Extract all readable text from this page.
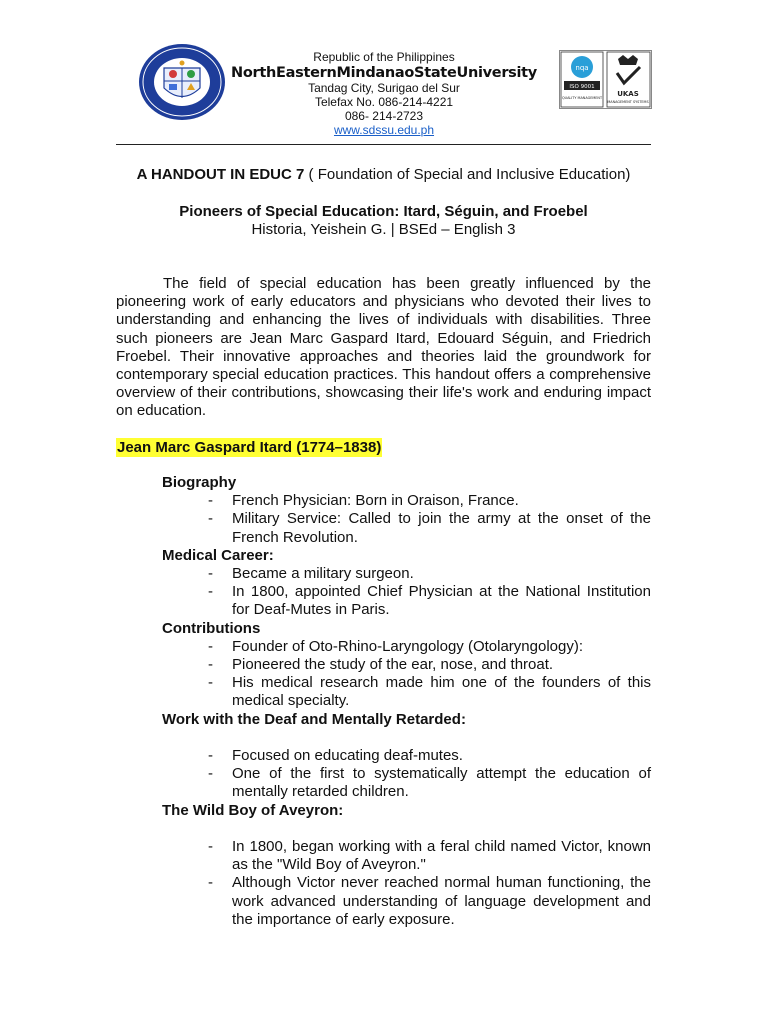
Republic of the Philippines
NorthEasternMindanaoStateUniversity
Tandag City, Surigao del Sur
Telefax No. 086-214-4221
086- 214-2723
www.sdssu.edu.ph
nqa
ISO 9001
QUALITY MANAGEMENT UKAS
MANAGEMENT SYSTEMS
A HANDOUT IN EDUC 7 ( Foundation of Special and Inclusive Education)
Pioneers of Special Education: Itard, Séguin, and Froebel
Historia, Yeishein G. | BSEd – English 3

The field of special education has been greatly influenced by the pioneering work of early educators and physicians who devoted their lives to understanding and enhancing the lives of individuals with disabilities. Three such pioneers are Jean Marc Gaspard Itard, Edouard Séguin, and Friedrich Froebel. Their innovative approaches and theories laid the groundwork for contemporary special education practices. This handout offers a comprehensive overview of their contributions, showcasing their life's work and enduring impact on education.

Jean Marc Gaspard Itard (1774–1838)

Biography

- French Physician: Born in Oraison, France.
- Military Service: Called to join the army at the onset of the French Revolution.

Medical Career:

- Became a military surgeon.
- In 1800, appointed Chief Physician at the National Institution for Deaf-Mutes in Paris.

Contributions

- Founder of Oto-Rhino-Laryngology (Otolaryngology):
- Pioneered the study of the ear, nose, and throat.
- His medical research made him one of the founders of this medical specialty.

Work with the Deaf and Mentally Retarded:

- Focused on educating deaf-mutes.
- One of the first to systematically attempt the education of mentally retarded children.

The Wild Boy of Aveyron:

- In 1800, began working with a feral child named Victor, known as the "Wild Boy of Aveyron."
- Although Victor never reached normal human functioning, the work advanced understanding of language development and the importance of early exposure.
